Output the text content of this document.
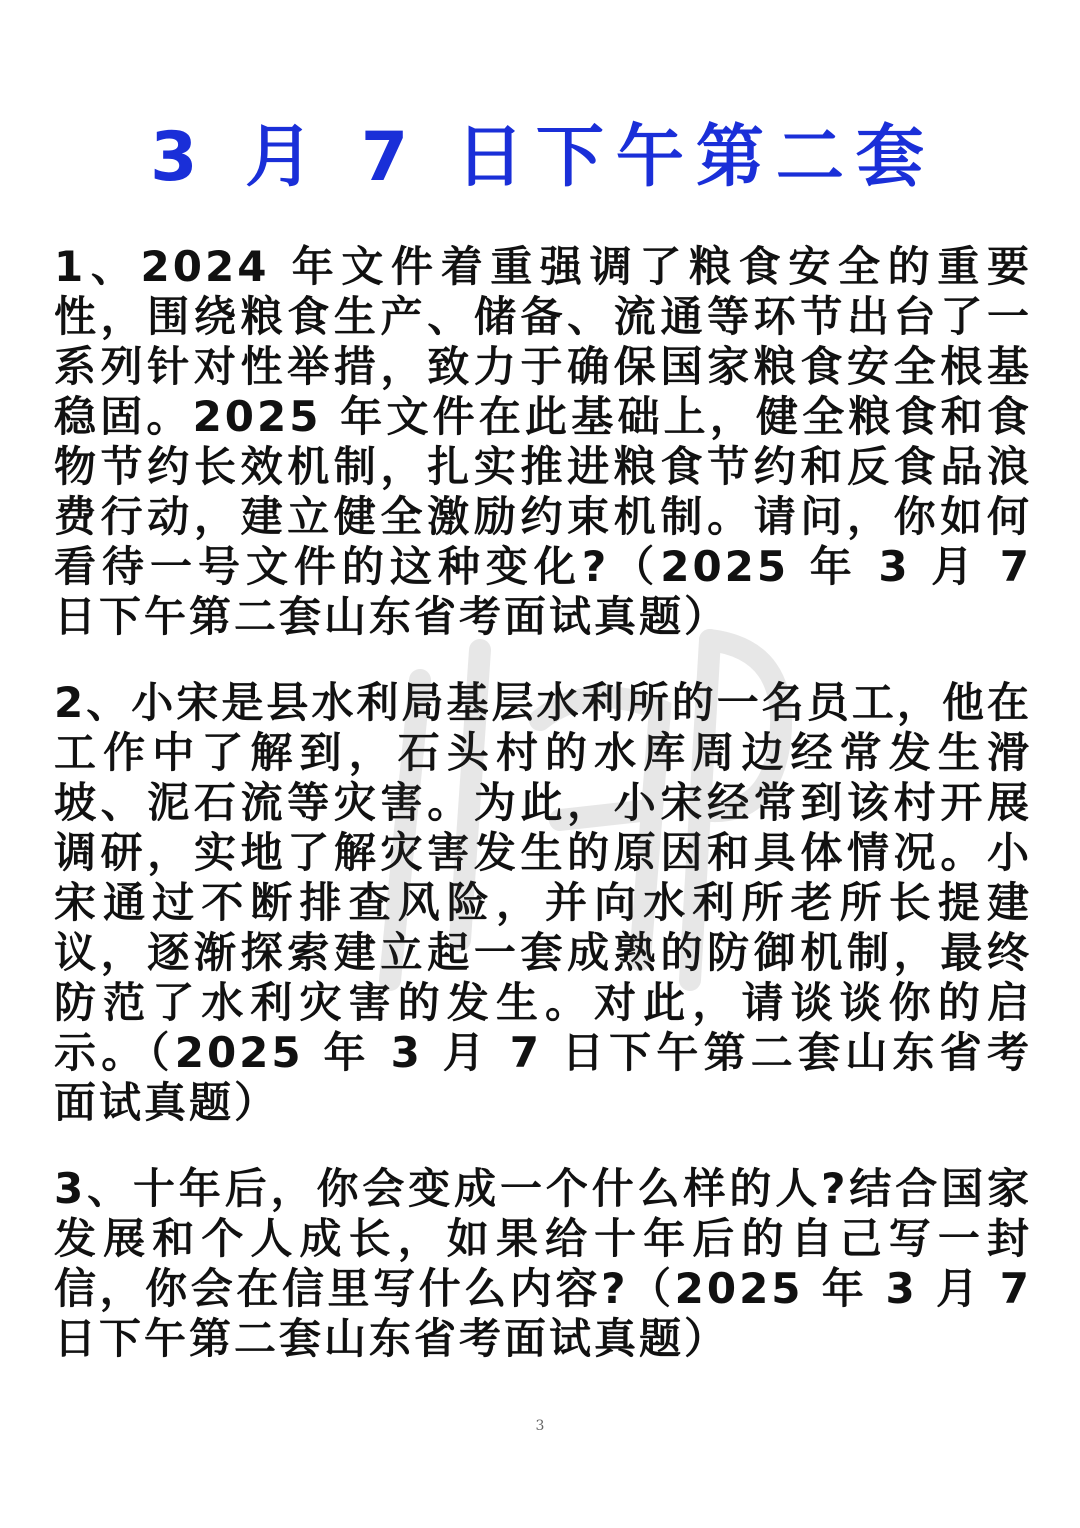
3 月 7 日下午第二套

1、2024 年文件着重强调了粮食安全的重要性，围绕粮食生产、储备、流通等环节出台了一系列针对性举措，致力于确保国家粮食安全根基稳固。2025 年文件在此基础上，健全粮食和食物节约长效机制，扎实推进粮食节约和反食品浪费行动，建立健全激励约束机制。请问，你如何看待一号文件的这种变化?（2025 年 3 月 7 日下午第二套山东省考面试真题）

2、小宋是县水利局基层水利所的一名员工，他在工作中了解到，石头村的水库周边经常发生滑坡、泥石流等灾害。为此，小宋经常到该村开展调研，实地了解灾害发生的原因和具体情况。小宋通过不断排查风险，并向水利所老所长提建议，逐渐探索建立起一套成熟的防御机制，最终防范了水利灾害的发生。对此，请谈谈你的启示。（2025 年 3 月 7 日下午第二套山东省考面试真题）

3、十年后，你会变成一个什么样的人?结合国家发展和个人成长，如果给十年后的自己写一封信，你会在信里写什么内容?（2025 年 3 月 7 日下午第二套山东省考面试真题）

3
